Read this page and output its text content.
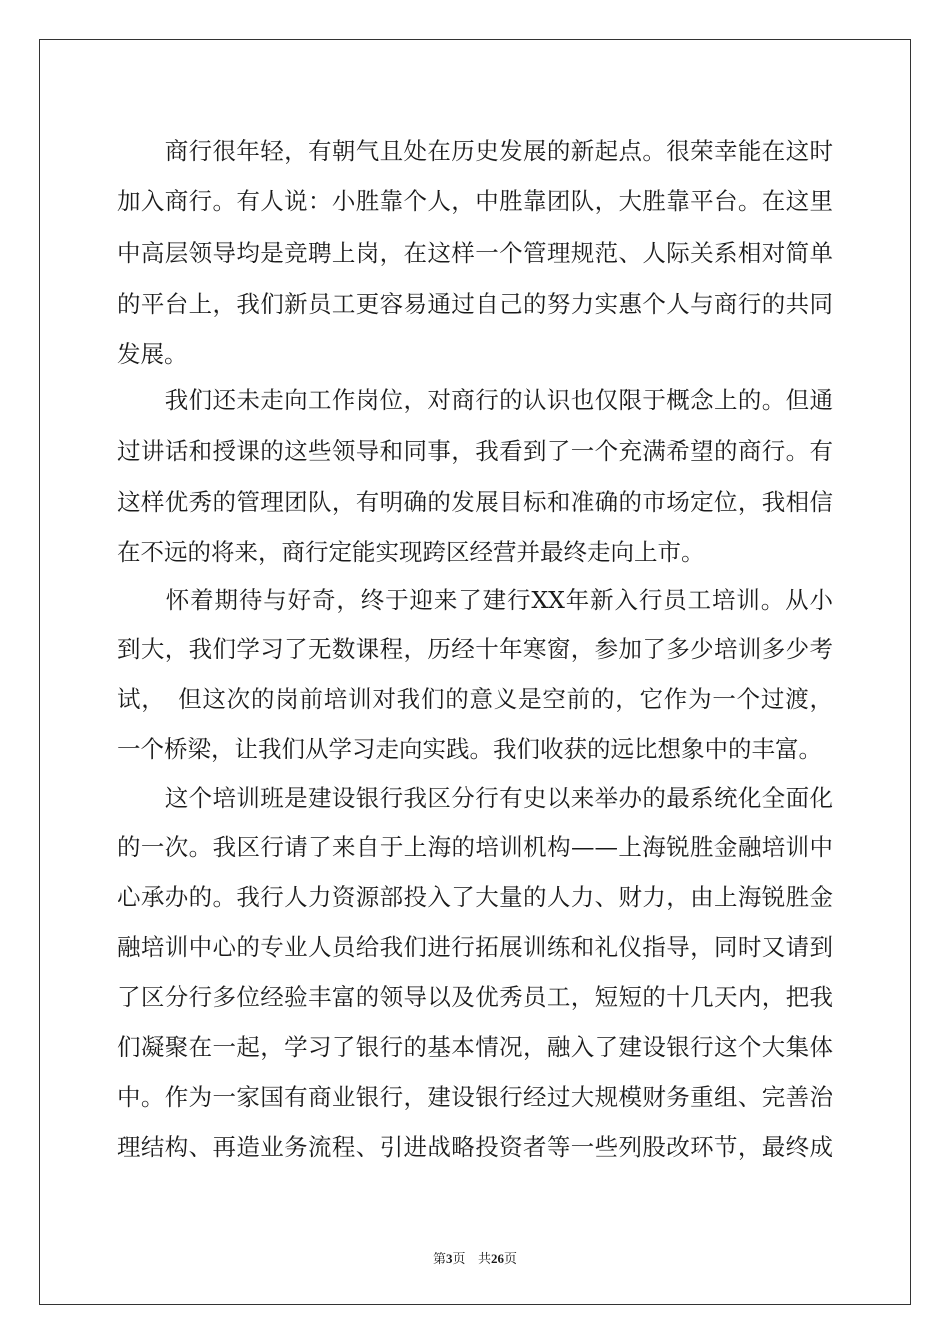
　　商行很年轻，有朝气且处在历史发展的新起点。很荣幸能在这时
加入商行。有人说：小胜靠个人，中胜靠团队，大胜靠平台。在这里
中高层领导均是竞聘上岗，在这样一个管理规范、人际关系相对简单
的平台上，我们新员工更容易通过自己的努力实惠个人与商行的共同
发展。
　　我们还未走向工作岗位，对商行的认识也仅限于概念上的。但通
过讲话和授课的这些领导和同事，我看到了一个充满希望的商行。有
这样优秀的管理团队，有明确的发展目标和准确的市场定位，我相信
在不远的将来，商行定能实现跨区经营并最终走向上市。
　　怀着期待与好奇，终于迎来了建行XX年新入行员工培训。从小
到大，我们学习了无数课程，历经十年寒窗，参加了多少培训多少考
试，　但这次的岗前培训对我们的意义是空前的，它作为一个过渡，
一个桥梁，让我们从学习走向实践。我们收获的远比想象中的丰富。
　　这个培训班是建设银行我区分行有史以来举办的最系统化全面化
的一次。我区行请了来自于上海的培训机构——上海锐胜金融培训中
心承办的。我行人力资源部投入了大量的人力、财力，由上海锐胜金
融培训中心的专业人员给我们进行拓展训练和礼仪指导，同时又请到
了区分行多位经验丰富的领导以及优秀员工，短短的十几天内，把我
们凝聚在一起，学习了银行的基本情况，融入了建设银行这个大集体
中。作为一家国有商业银行，建设银行经过大规模财务重组、完善治
理结构、再造业务流程、引进战略投资者等一些列股改环节，最终成
第3页 共26页
